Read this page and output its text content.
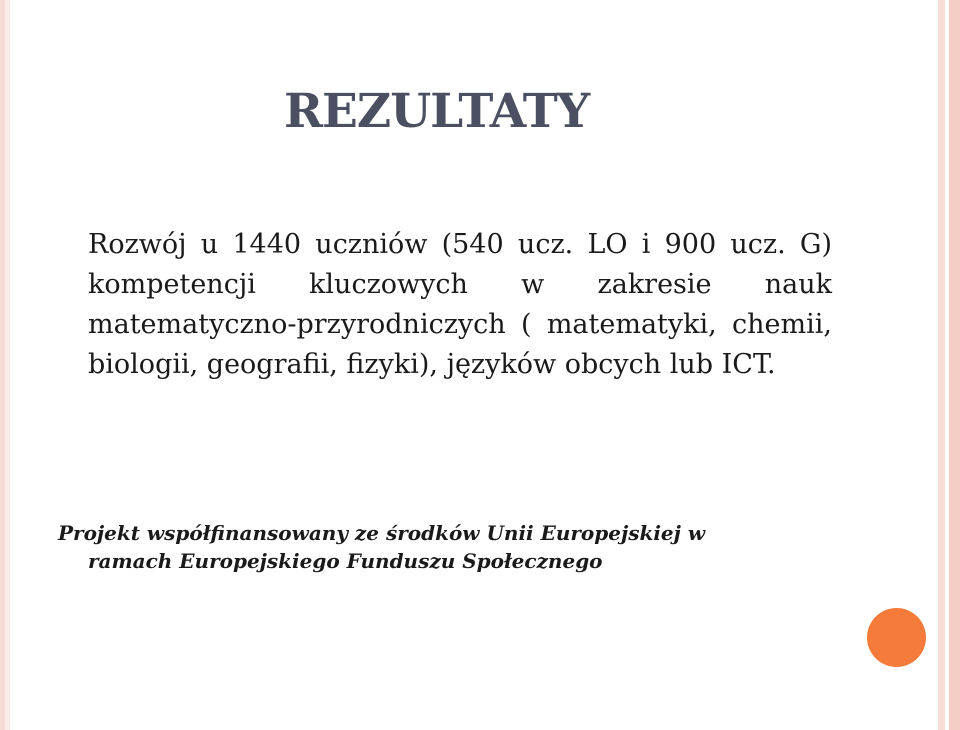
REZULTATY

Rozwój u 1440 uczniów (540 ucz. LO i 900 ucz. G) kompetencji kluczowych w zakresie nauk matematyczno-przyrodniczych ( matematyki, chemii, biologii, geografii, fizyki), języków obcych lub ICT.

Projekt współfinansowany ze środków Unii Europejskiej w
ramach Europejskiego Funduszu Społecznego
